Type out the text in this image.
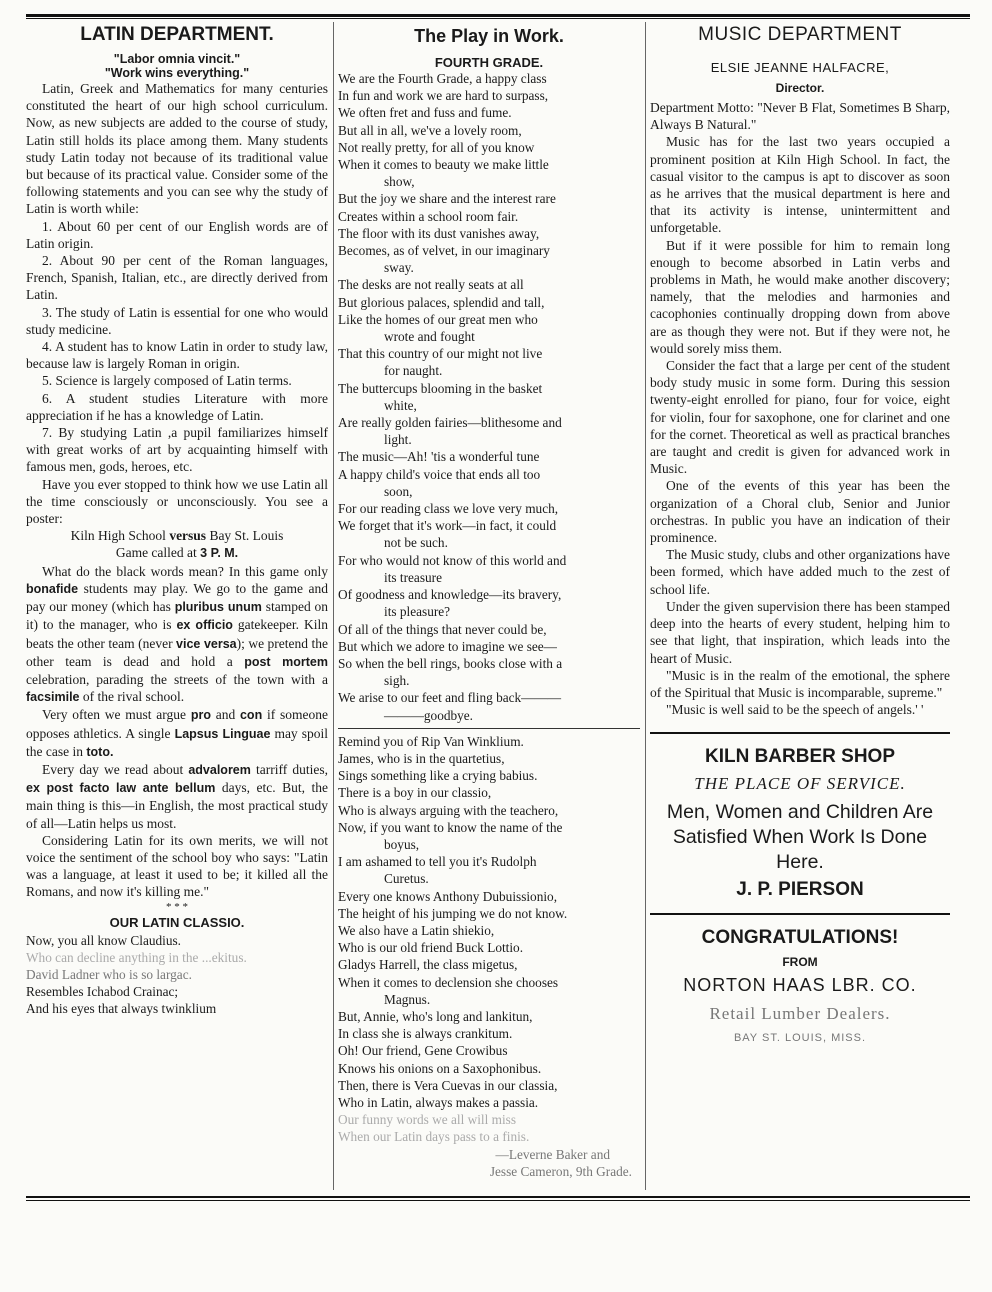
LATIN DEPARTMENT.
"Labor omnia vincit."
"Work wins everything."

Latin, Greek and Mathematics for many centuries constituted the heart of our high school curriculum. Now, as new subjects are added to the course of study, Latin still holds its place among them. Many students study Latin today not because of its traditional value but because of its practical value. Consider some of the following statements and you can see why the study of Latin is worth while:

1. About 60 per cent of our English words are of Latin origin.

2. About 90 per cent of the Roman languages, French, Spanish, Italian, etc., are directly derived from Latin.

3. The study of Latin is essential for one who would study medicine.

4. A student has to know Latin in order to study law, because law is largely Roman in origin.

5. Science is largely composed of Latin terms.

6. A student studies Literature with more appreciation if he has a knowledge of Latin.

7. By studying Latin ,a pupil familiarizes himself with great works of art by acquainting himself with famous men, gods, heroes, etc.

Have you ever stopped to think how we use Latin all the time consciously or unconsciously. You see a poster:

Kiln High School versus Bay St. Louis

Game called at 3 P. M.

What do the black words mean? In this game only bonafide students may play. We go to the game and pay our money (which has pluribus unum stamped on it) to the manager, who is ex officio gatekeeper. Kiln beats the other team (never vice versa); we pretend the other team is dead and hold a post mortem celebration, parading the streets of the town with a facsimile of the rival school.

Very often we must argue pro and con if someone opposes athletics. A single Lapsus Linguae may spoil the case in toto.

Every day we read about advalorem tarriff duties, ex post facto law ante bellum days, etc. But, the main thing is this—in English, the most practical study of all—Latin helps us most.

Considering Latin for its own merits, we will not voice the sentiment of the school boy who says: "Latin was a language, at least it used to be; it killed all the Romans, and now it's killing me."

* * *
OUR LATIN CLASSIO.
Now, you all know Claudius.
Who can decline anything in the ...ekitus.
David Ladner who is so largac.
Resembles Ichabod Crainac;
And his eyes that always twinklium
The Play in Work.
FOURTH GRADE.
We are the Fourth Grade, a happy class
In fun and work we are hard to surpass,
We often fret and fuss and fume.
But all in all, we've a lovely room,
Not really pretty, for all of you know
When it comes to beauty we make little
show,
But the joy we share and the interest rare
Creates within a school room fair.
The floor with its dust vanishes away,
Becomes, as of velvet, in our imaginary
sway.
The desks are not really seats at all
But glorious palaces, splendid and tall,
Like the homes of our great men who
wrote and fought
That this country of our might not live
for naught.
The buttercups blooming in the basket
white,
Are really golden fairies—blithesome and
light.
The music—Ah! 'tis a wonderful tune
A happy child's voice that ends all too
soon,
For our reading class we love very much,
We forget that it's work—in fact, it could
not be such.
For who would not know of this world and
its treasure
Of goodness and knowledge—its bravery,
its pleasure?
Of all of the things that never could be,
But which we adore to imagine we see—
So when the bell rings, books close with a
sigh.
We arise to our feet and fling back———
———goodbye.
Remind you of Rip Van Winklium.
James, who is in the quartetius,
Sings something like a crying babius.
There is a boy in our classio,
Who is always arguing with the teachero,
Now, if you want to know the name of the
boyus,
I am ashamed to tell you it's Rudolph
Curetus.
Every one knows Anthony Dubuissionio,
The height of his jumping we do not know.
We also have a Latin shiekio,
Who is our old friend Buck Lottio.
Gladys Harrell, the class migetus,
When it comes to declension she chooses
Magnus.
But, Annie, who's long and lankitun,
In class she is always crankitum.
Oh! Our friend, Gene Crowibus
Knows his onions on a Saxophonibus.
Then, there is Vera Cuevas in our classia,
Who in Latin, always makes a passia.
Our funny words we all will miss
When our Latin days pass to a finis.
—Leverne Baker and
Jesse Cameron, 9th Grade.
MUSIC DEPARTMENT
ELSIE JEANNE HALFACRE,
Director.

Department Motto: "Never B Flat, Sometimes B Sharp, Always B Natural."

Music has for the last two years occupied a prominent position at Kiln High School. In fact, the casual visitor to the campus is apt to discover as soon as he arrives that the musical department is here and that its activity is intense, unintermittent and unforgetable.

But if it were possible for him to remain long enough to become absorbed in Latin verbs and problems in Math, he would make another discovery; namely, that the melodies and harmonies and cacophonies continually dropping down from above are as though they were not. But if they were not, he would sorely miss them.

Consider the fact that a large per cent of the student body study music in some form. During this session twenty-eight enrolled for piano, four for voice, eight for violin, four for saxophone, one for clarinet and one for the cornet. Theoretical as well as practical branches are taught and credit is given for advanced work in Music.

One of the events of this year has been the organization of a Choral club, Senior and Junior orchestras. In public you have an indication of their prominence.

The Music study, clubs and other organizations have been formed, which have added much to the zest of school life.

Under the given supervision there has been stamped deep into the hearts of every student, helping him to see that light, that inspiration, which leads into the heart of Music.

"Music is in the realm of the emotional, the sphere of the Spiritual that Music is incomparable, supreme."

"Music is well said to be the speech of angels.' '

KILN BARBER SHOP
THE PLACE OF SERVICE.
Men, Women and Children Are Satisfied When Work Is Done Here.
J. P. PIERSON
CONGRATULATIONS!
FROM
NORTON HAAS LBR. CO.
Retail Lumber Dealers.
BAY ST. LOUIS, MISS.
